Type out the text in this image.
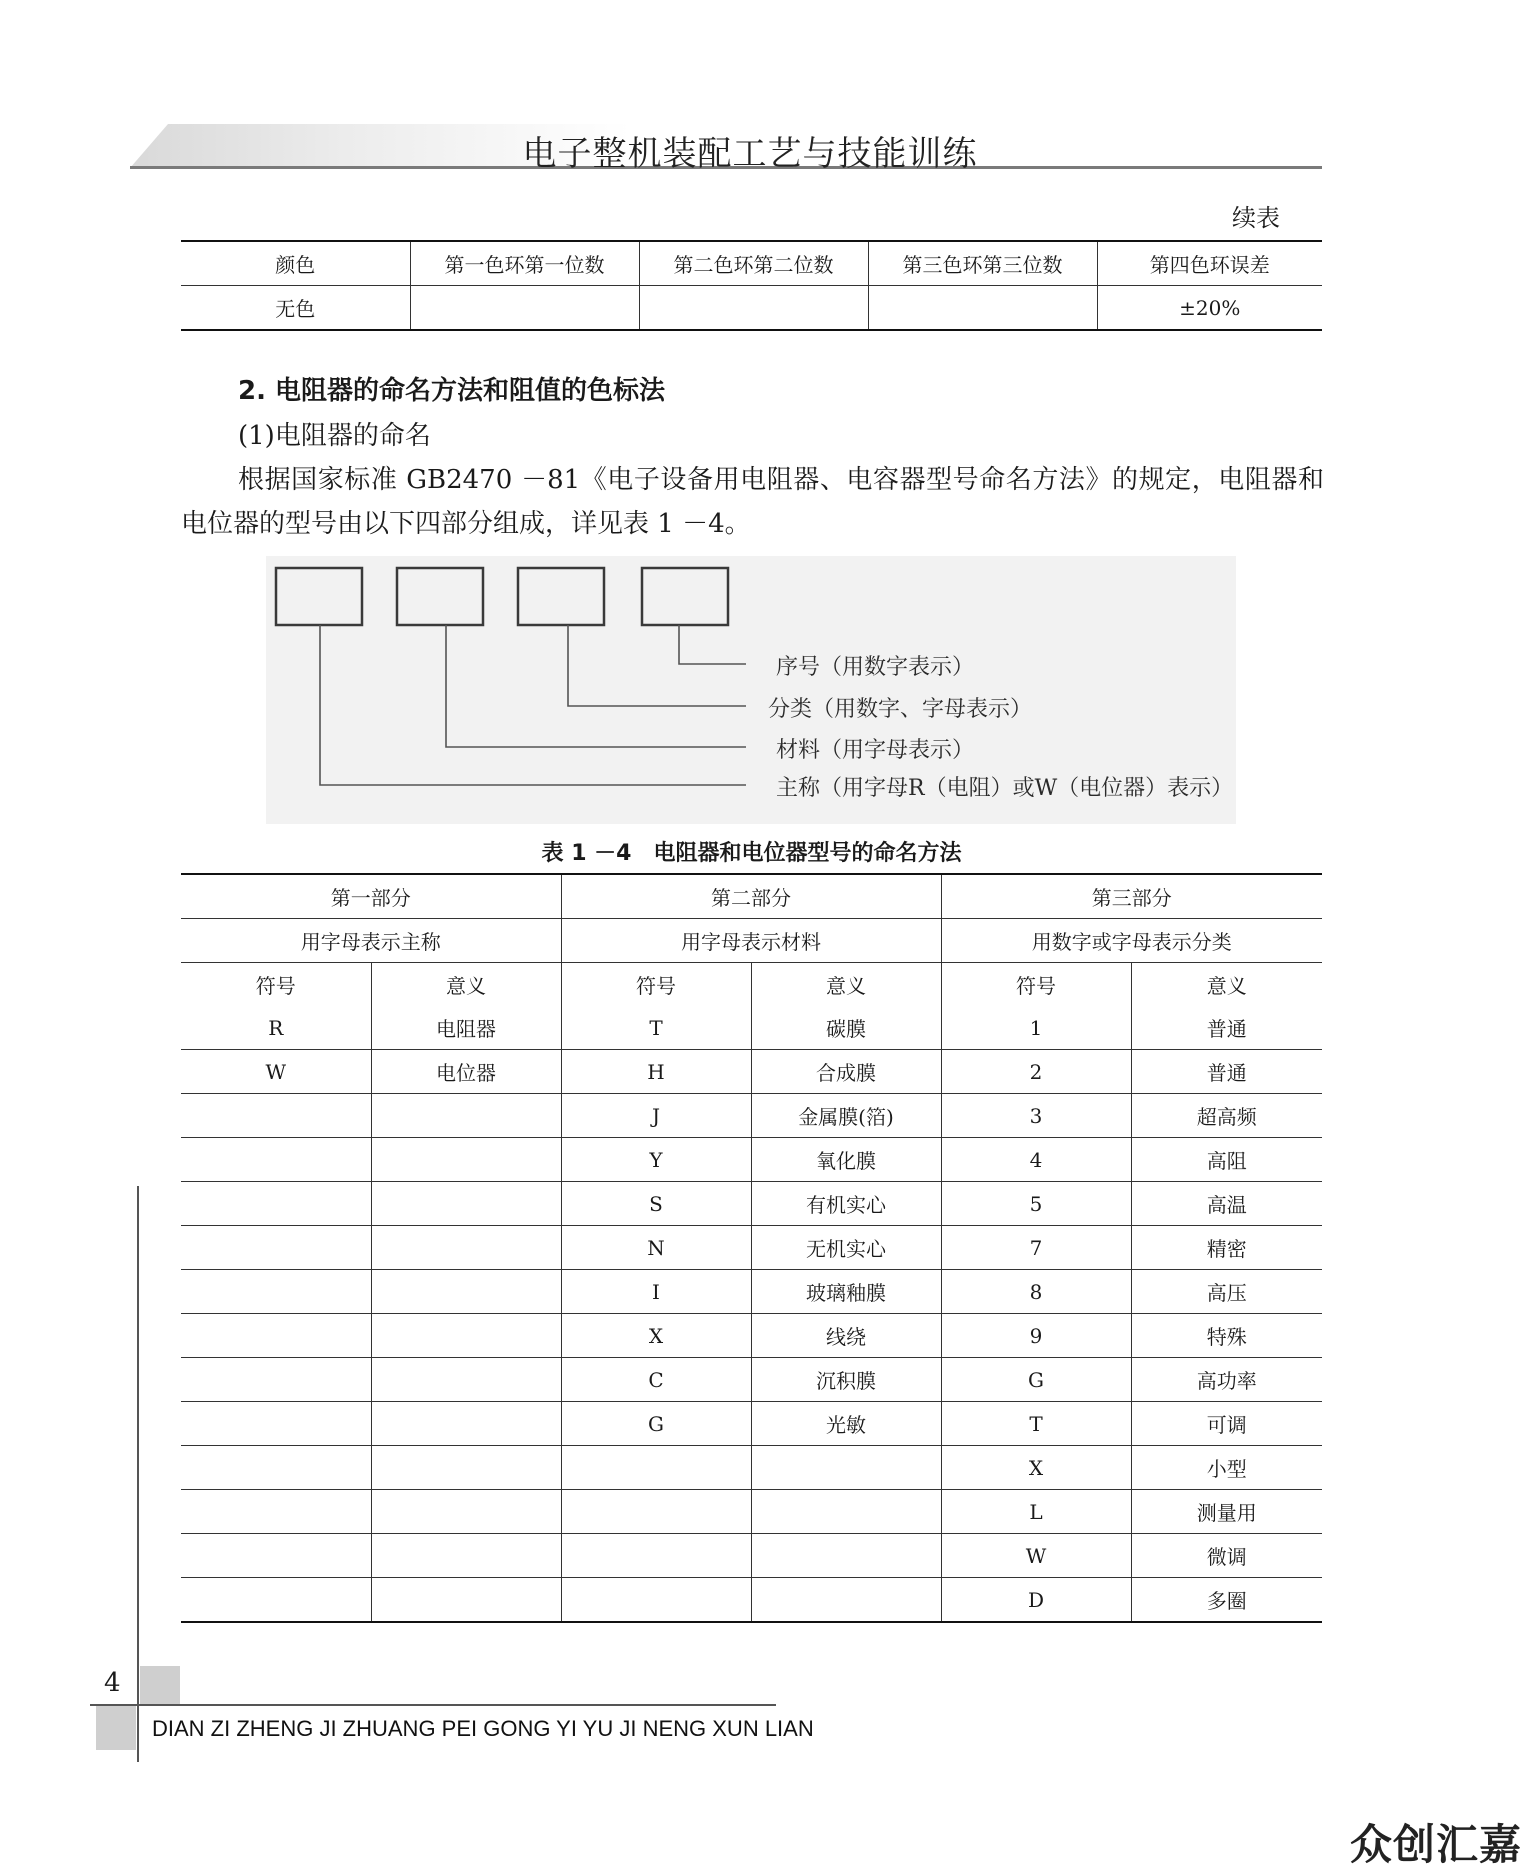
电子整机装配工艺与技能训练
续表
颜色	第一色环第一位数	第二色环第二位数	第三色环第三位数	第四色环误差
无色				±20%
2. 电阻器的命名方法和阻值的色标法
(1)电阻器的命名
根据国家标准 GB2470 －81《电子设备用电阻器、电容器型号命名方法》的规定，电阻器和电位器的型号由以下四部分组成，详见表 1 －4。
序号（用数字表示）
分类（用数字、字母表示）
材料（用字母表示）
主称（用字母R（电阻）或W（电位器）表示）
表 1 －4　电阻器和电位器型号的命名方法
第一部分		第二部分		第三部分	
用字母表示主称		用字母表示材料		用数字或字母表示分类	
符号	意义	符号	意义	符号	意义
R	电阻器	T	碳膜	1	普通
W	电位器	H	合成膜	2	普通
		J	金属膜(箔)	3	超高频
		Y	氧化膜	4	高阻
		S	有机实心	5	高温
		N	无机实心	7	精密
		I	玻璃釉膜	8	高压
		X	线绕	9	特殊
		C	沉积膜	G	高功率
		G	光敏	T	可调
				X	小型
				L	测量用
				W	微调
				D	多圈
4
DIAN ZI ZHENG JI ZHUANG PEI GONG YI YU JI NENG XUN LIAN
众创汇嘉
